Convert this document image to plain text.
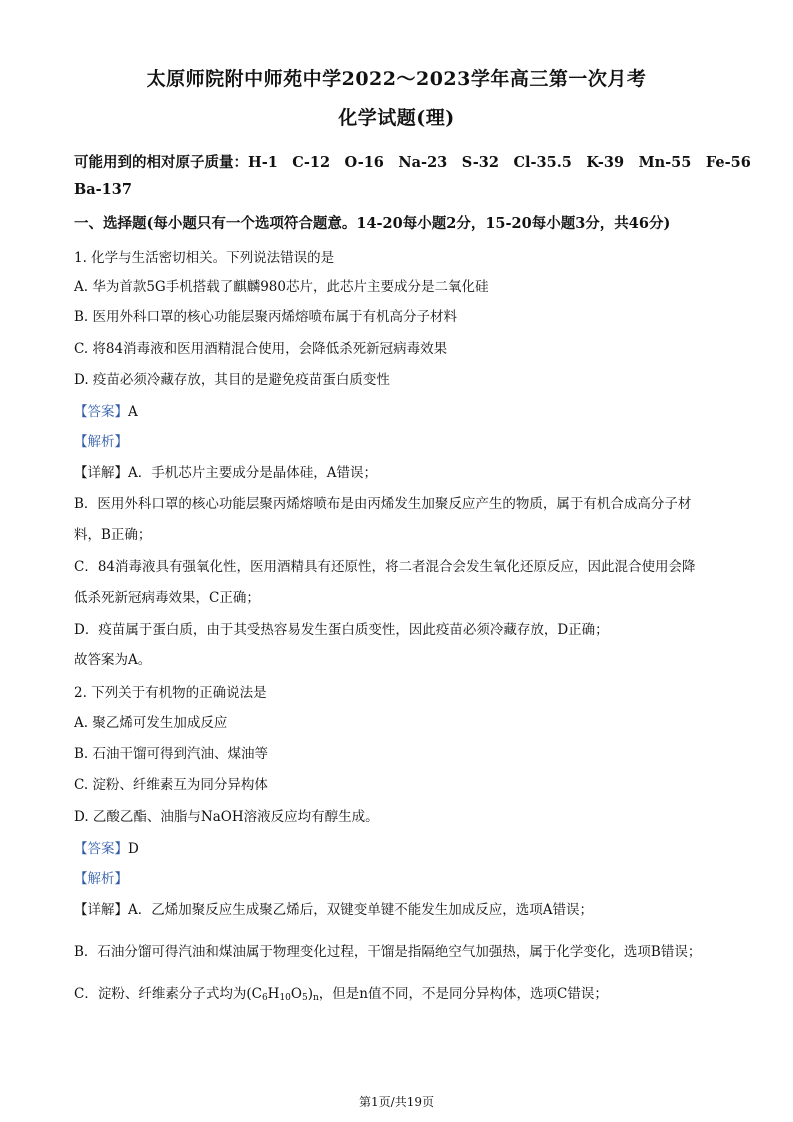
太原师院附中师苑中学2022～2023学年高三第一次月考
化学试题(理)
可能用到的相对原子质量：H-1　C-12　O-16　Na-23　S-32　Cl-35.5　K-39　Mn-55　Fe-56
Ba-137
一、选择题(每小题只有一个选项符合题意。14-20每小题2分，15-20每小题3分，共46分)
1. 化学与生活密切相关。下列说法错误的是
A. 华为首款5G手机搭载了麒麟980芯片，此芯片主要成分是二氧化硅
B. 医用外科口罩的核心功能层聚丙烯熔喷布属于有机高分子材料
C. 将84消毒液和医用酒精混合使用，会降低杀死新冠病毒效果
D. 疫苗必须冷藏存放，其目的是避免疫苗蛋白质变性
【答案】A
【解析】
【详解】A．手机芯片主要成分是晶体硅，A错误；
B．医用外科口罩的核心功能层聚丙烯熔喷布是由丙烯发生加聚反应产生的物质，属于有机合成高分子材
料，B正确；
C．84消毒液具有强氧化性，医用酒精具有还原性，将二者混合会发生氧化还原反应，因此混合使用会降
低杀死新冠病毒效果，C正确；
D．疫苗属于蛋白质，由于其受热容易发生蛋白质变性，因此疫苗必须冷藏存放，D正确；
故答案为A。
2. 下列关于有机物的正确说法是
A. 聚乙烯可发生加成反应
B. 石油干馏可得到汽油、煤油等
C. 淀粉、纤维素互为同分异构体
D. 乙酸乙酯、油脂与NaOH溶液反应均有醇生成。
【答案】D
【解析】
【详解】A．乙烯加聚反应生成聚乙烯后，双键变单键不能发生加成反应，选项A错误；
B．石油分馏可得汽油和煤油属于物理变化过程，干馏是指隔绝空气加强热，属于化学变化，选项B错误；
C．淀粉、纤维素分子式均为$(C_6H_{10}O_5)_n$，但是n值不同，不是同分异构体，选项C错误；
第1页/共19页
